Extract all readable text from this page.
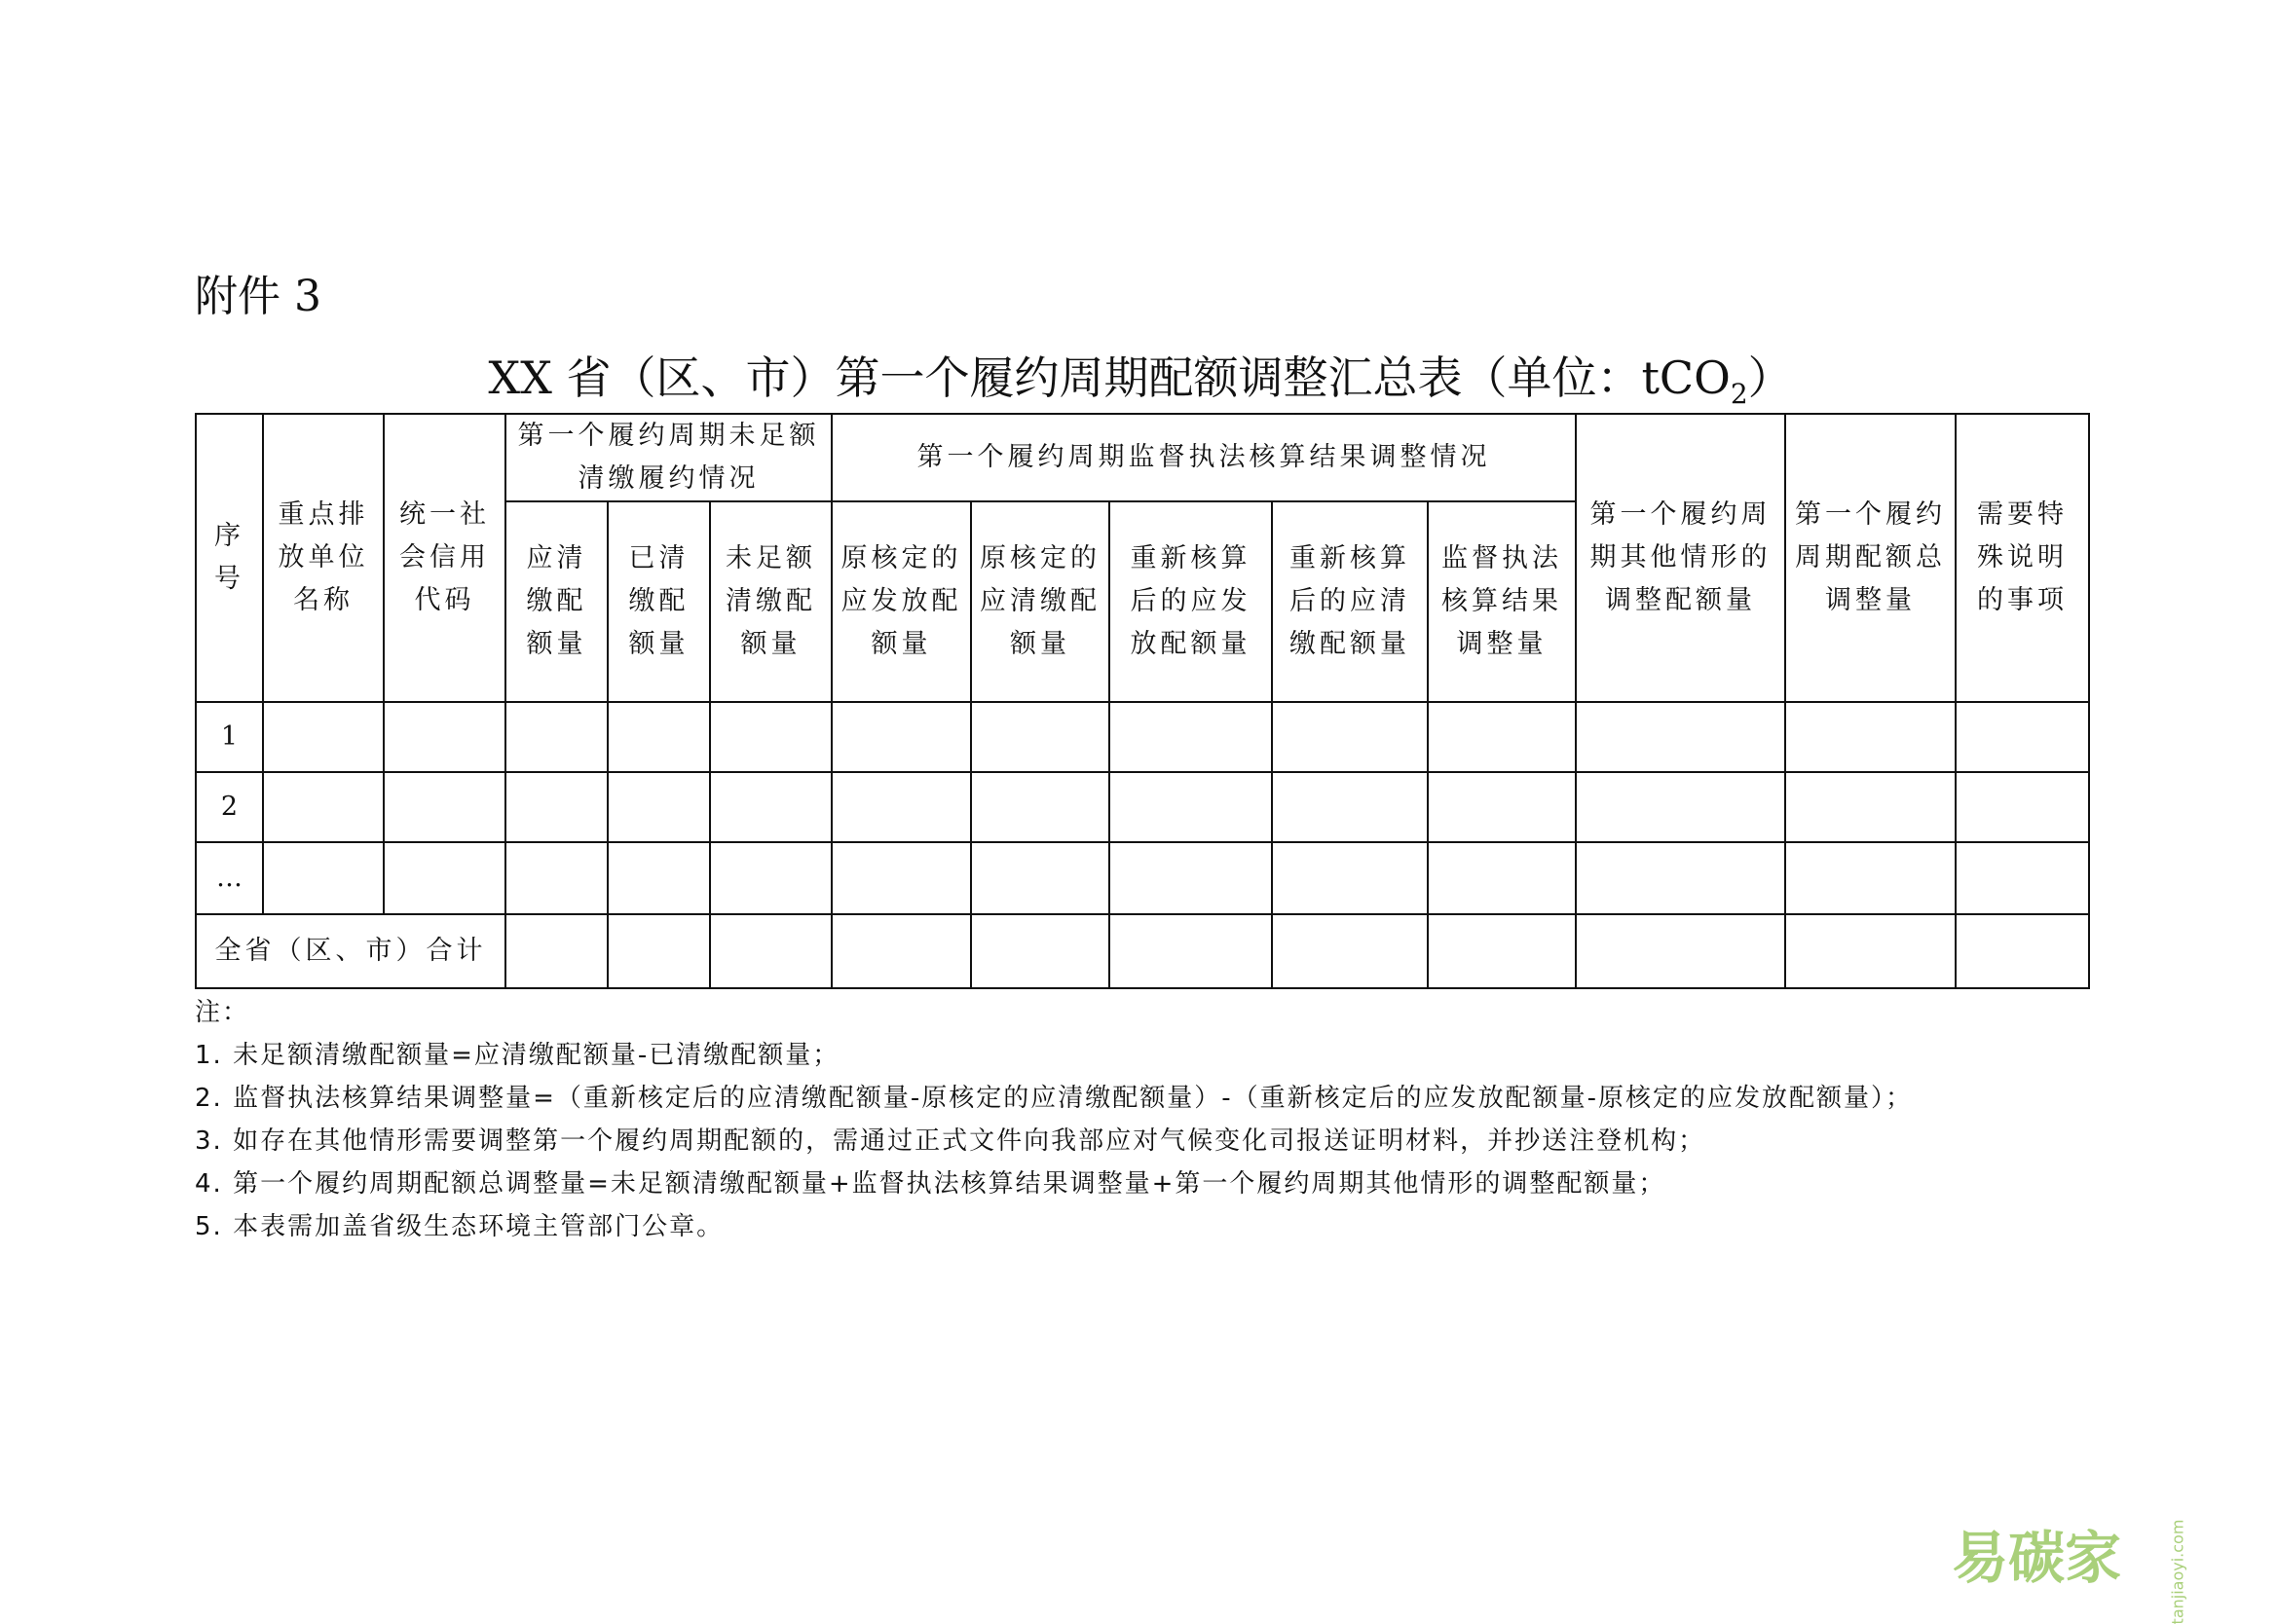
附件 3
XX 省（区、市）第一个履约周期配额调整汇总表（单位：tCO$_2$）
序号	重点排放单位名称	统一社会信用代码	第一个履约周期未足额清缴履约情况			第一个履约周期监督执法核算结果调整情况					第一个履约周期其他情形的调整配额量	第一个履约周期配额总调整量	需要特殊说明的事项
			应清缴配额量	已清缴配额量	未足额清缴配额量	原核定的应发放配额量	原核定的应清缴配额量	重新核算后的应发放配额量	重新核算后的应清缴配额量	监督执法核算结果调整量			
1													
2													
…													
全省（区、市）合计													
注：
1. 未足额清缴配额量=应清缴配额量-已清缴配额量；
2. 监督执法核算结果调整量=（重新核定后的应清缴配额量-原核定的应清缴配额量）-（重新核定后的应发放配额量-原核定的应发放配额量）；
3. 如存在其他情形需要调整第一个履约周期配额的，需通过正式文件向我部应对气候变化司报送证明材料，并抄送注登机构；
4. 第一个履约周期配额总调整量=未足额清缴配额量+监督执法核算结果调整量+第一个履约周期其他情形的调整配额量；
5. 本表需加盖省级生态环境主管部门公章。
易碳家	tanjiaoyi.com
